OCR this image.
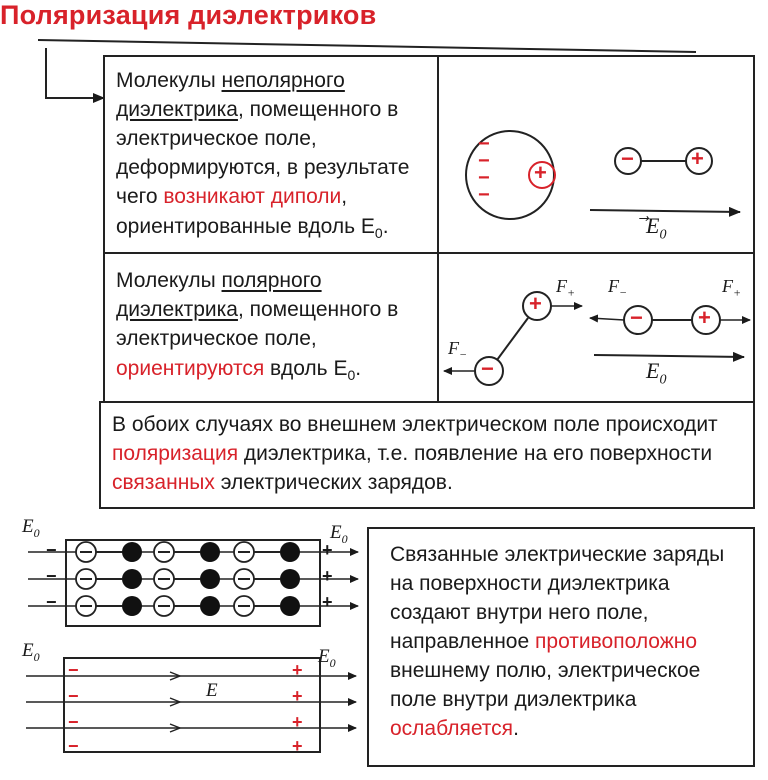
Поляризация диэлектриков
Молекулы неполярного
диэлектрика, помещенного в
электрическое поле,
деформируются, в результате
чего возникают диполи,
ориентированные вдоль $E_0$.
Молекулы полярного
диэлектрика, помещенного в
электрическое поле,
ориентируются вдоль $E_0$.
В обоих случаях во внешнем электрическом поле происходит
поляризация диэлектрика, т.е. появление на его поверхности
связанных электрических зарядов.
Связанные электрические заряды
на поверхности диэлектрика
создают внутри него поле,
направленное противоположно
внешнему полю, электрическое
поле внутри диэлектрика
ослабляется.
−
−
−
−
+
−	+
$E_0$
−
+
−	+
$F_+$
$F_-$
$F_-$	$F_+$
$E_0$
$E_0$	$E_0$
$E_0$	$E_0$
E
−	+
−	+
−	+
−	+
−	+
−	+
−	+
